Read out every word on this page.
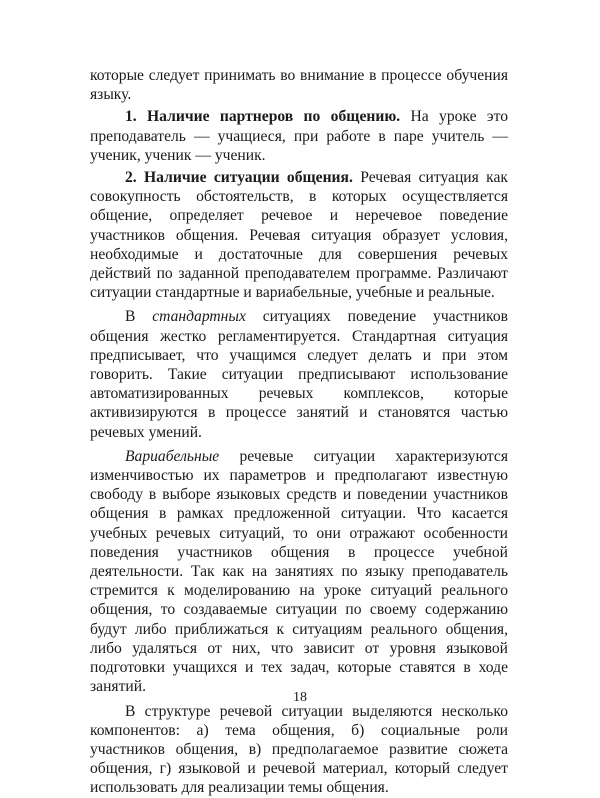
которые следует принимать во внимание в процессе обучения языку.

1. Наличие партнеров по общению. На уроке это преподаватель — учащиеся, при работе в паре учитель — ученик, ученик — ученик.

2. Наличие ситуации общения. Речевая ситуация как совокупность обстоятельств, в которых осуществляется общение, определяет речевое и неречевое поведение участников общения. Речевая ситуация образует условия, необходимые и достаточные для совершения речевых действий по заданной преподавателем программе. Различают ситуации стандартные и вариабельные, учебные и реальные.

В стандартных ситуациях поведение участников общения жестко регламентируется. Стандартная ситуация предписывает, что учащимся следует делать и при этом говорить. Такие ситуации предписывают использование автоматизированных речевых комплексов, которые активизируются в процессе занятий и становятся частью речевых умений.

Вариабельные речевые ситуации характеризуются изменчивостью их параметров и предполагают известную свободу в выборе языковых средств и поведении участников общения в рамках предложенной ситуации. Что касается учебных речевых ситуаций, то они отражают особенности поведения участников общения в процессе учебной деятельности. Так как на занятиях по языку преподаватель стремится к моделированию на уроке ситуаций реального общения, то создаваемые ситуации по своему содержанию будут либо приближаться к ситуациям реального общения, либо удаляться от них, что зависит от уровня языковой подготовки учащихся и тех задач, которые ставятся в ходе занятий.

В структуре речевой ситуации выделяются несколько компонентов: а) тема общения, б) социальные роли участников общения, в) предполагаемое развитие сюжета общения, г) языковой и речевой материал, который следует использовать для реализации темы общения.

18
